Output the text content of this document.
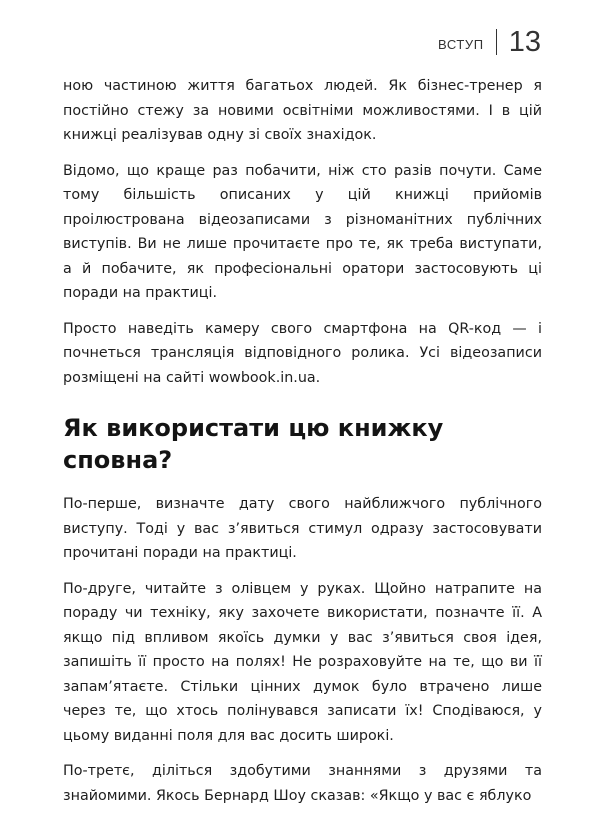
ВСТУП 13

ною частиною життя багатьох людей. Як бізнес-тренер я постійно стежу за новими освітніми можливостями. І в цій книжці реалізував одну зі своїх знахідок.

Відомо, що краще раз побачити, ніж сто разів почути. Саме тому більшість описаних у цій книжці прийомів проілюстрована відеозаписами з різноманітних публічних виступів. Ви не лише прочитаєте про те, як треба виступати, а й побачите, як професіональні оратори застосовують ці поради на практиці.

Просто наведіть камеру свого смартфона на QR-код — і почнеться трансляція відповідного ролика. Усі відеозаписи розміщені на сайті wowbook.in.ua.

Як використати цю книжку сповна?

По-перше, визначте дату свого найближчого публічного виступу. Тоді у вас з’явиться стимул одразу застосовувати прочитані поради на практиці.

По-друге, читайте з олівцем у руках. Щойно натрапите на пораду чи техніку, яку захочете використати, позначте її. А якщо під впливом якоїсь думки у вас з’явиться своя ідея, запишіть її просто на полях! Не розраховуйте на те, що ви її запам’ятаєте. Стільки цінних думок було втрачено лише через те, що хтось полінувався записати їх! Сподіваюся, у цьому виданні поля для вас досить широкі.

По-третє, діліться здобутими знаннями з друзями та знайомими. Якось Бернард Шоу сказав: «Якщо у вас є яблуко
